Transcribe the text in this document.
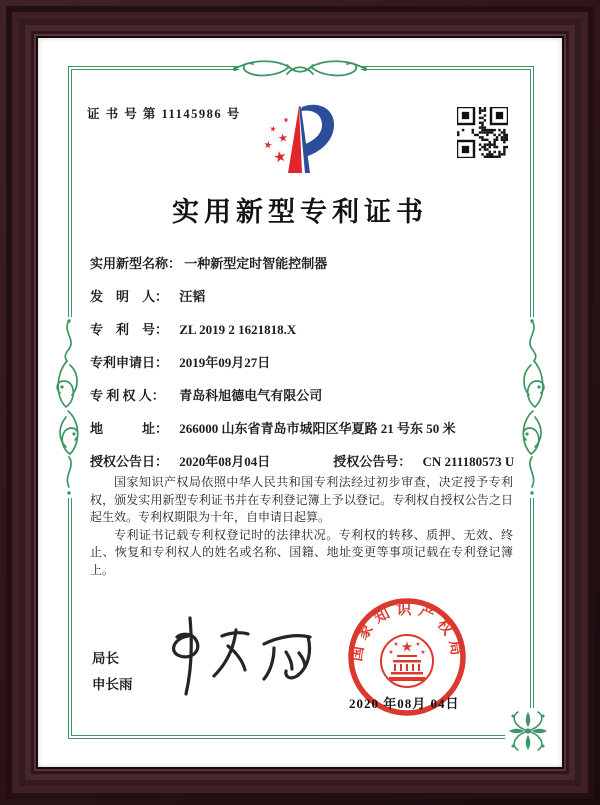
证 书 号 第 11145986 号
实用新型专利证书
实用新型名称： 一种新型定时智能控制器
发　明　人： 汪韬
专　利　号： ZL 2019 2 1621818.X
专利申请日： 2019年09月27日
专 利 权 人： 青岛科旭德电气有限公司
地　　　址： 266000 山东省青岛市城阳区华夏路 21 号东 50 米
授权公告日： 2020年08月04日	授权公告号： CN 211180573 U

国家知识产权局依照中华人民共和国专利法经过初步审查，决定授予专利权，颁发实用新型专利证书并在专利登记簿上予以登记。专利权自授权公告之日起生效。专利权期限为十年，自申请日起算。

专利证书记载专利权登记时的法律状况。专利权的转移、质押、无效、终止、恢复和专利权人的姓名或名称、国籍、地址变更等事项记载在专利登记簿上。

局长
申长雨
国家知识产权局
2020 年08月 04日
